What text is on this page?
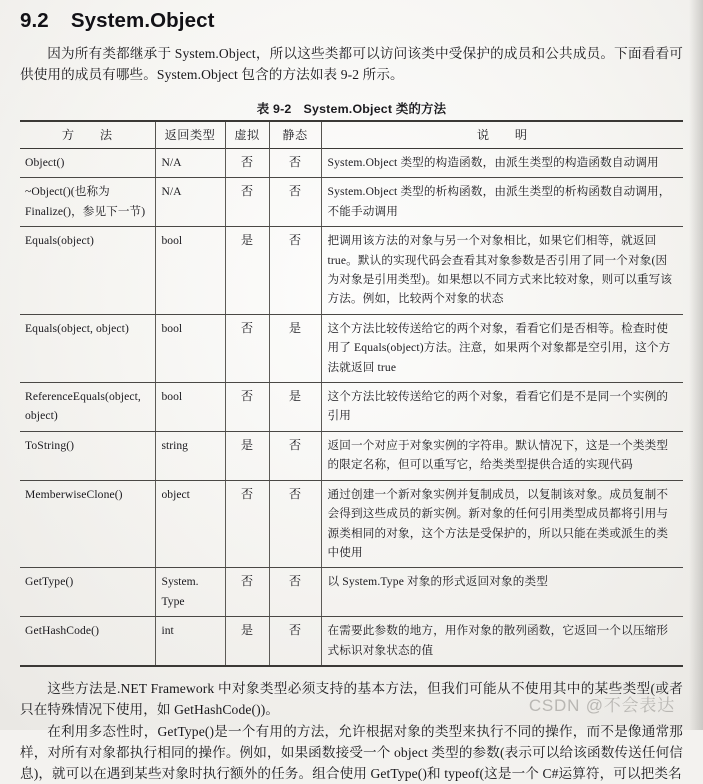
9.2 System.Object

因为所有类都继承于 System.Object，所以这些类都可以访问该类中受保护的成员和公共成员。下面看看可供使用的成员有哪些。System.Object 包含的方法如表 9-2 所示。

表 9-2 System.Object 类的方法
方　　法	返回类型	虚拟	静态	说　　明
Object()	N/A	否	否	System.Object 类型的构造函数，由派生类型的构造函数自动调用
~Object()(也称为 Finalize()，参见下一节)	N/A	否	否	System.Object 类型的析构函数，由派生类型的析构函数自动调用，不能手动调用
Equals(object)	bool	是	否	把调用该方法的对象与另一个对象相比，如果它们相等，就返回 true。默认的实现代码会查看其对象参数是否引用了同一个对象(因为对象是引用类型)。如果想以不同方式来比较对象，则可以重写该方法。例如，比较两个对象的状态
Equals(object, object)	bool	否	是	这个方法比较传送给它的两个对象，看看它们是否相等。检查时使用了 Equals(object)方法。注意，如果两个对象都是空引用，这个方法就返回 true
ReferenceEquals(object, object)	bool	否	是	这个方法比较传送给它的两个对象，看看它们是不是同一个实例的引用
ToString()	string	是	否	返回一个对应于对象实例的字符串。默认情况下，这是一个类类型的限定名称，但可以重写它，给类类型提供合适的实现代码
MemberwiseClone()	object	否	否	通过创建一个新对象实例并复制成员，以复制该对象。成员复制不会得到这些成员的新实例。新对象的任何引用类型成员都将引用与源类相同的对象，这个方法是受保护的，所以只能在类或派生的类中使用
GetType()	System. Type	否	否	以 System.Type 对象的形式返回对象的类型
GetHashCode()	int	是	否	在需要此参数的地方，用作对象的散列函数，它返回一个以压缩形式标识对象状态的值

这些方法是.NET Framework 中对象类型必须支持的基本方法，但我们可能从不使用其中的某些类型(或者只在特殊情况下使用，如 GetHashCode())。

在利用多态性时，GetType()是一个有用的方法，允许根据对象的类型来执行不同的操作，而不是像通常那样，对所有对象都执行相同的操作。例如，如果函数接受一个 object 类型的参数(表示可以给该函数传送任何信息)，就可以在遇到某些对象时执行额外的任务。组合使用 GetType()和 typeof(这是一个 C#运算符，可以把类名

CSDN @不会表达
